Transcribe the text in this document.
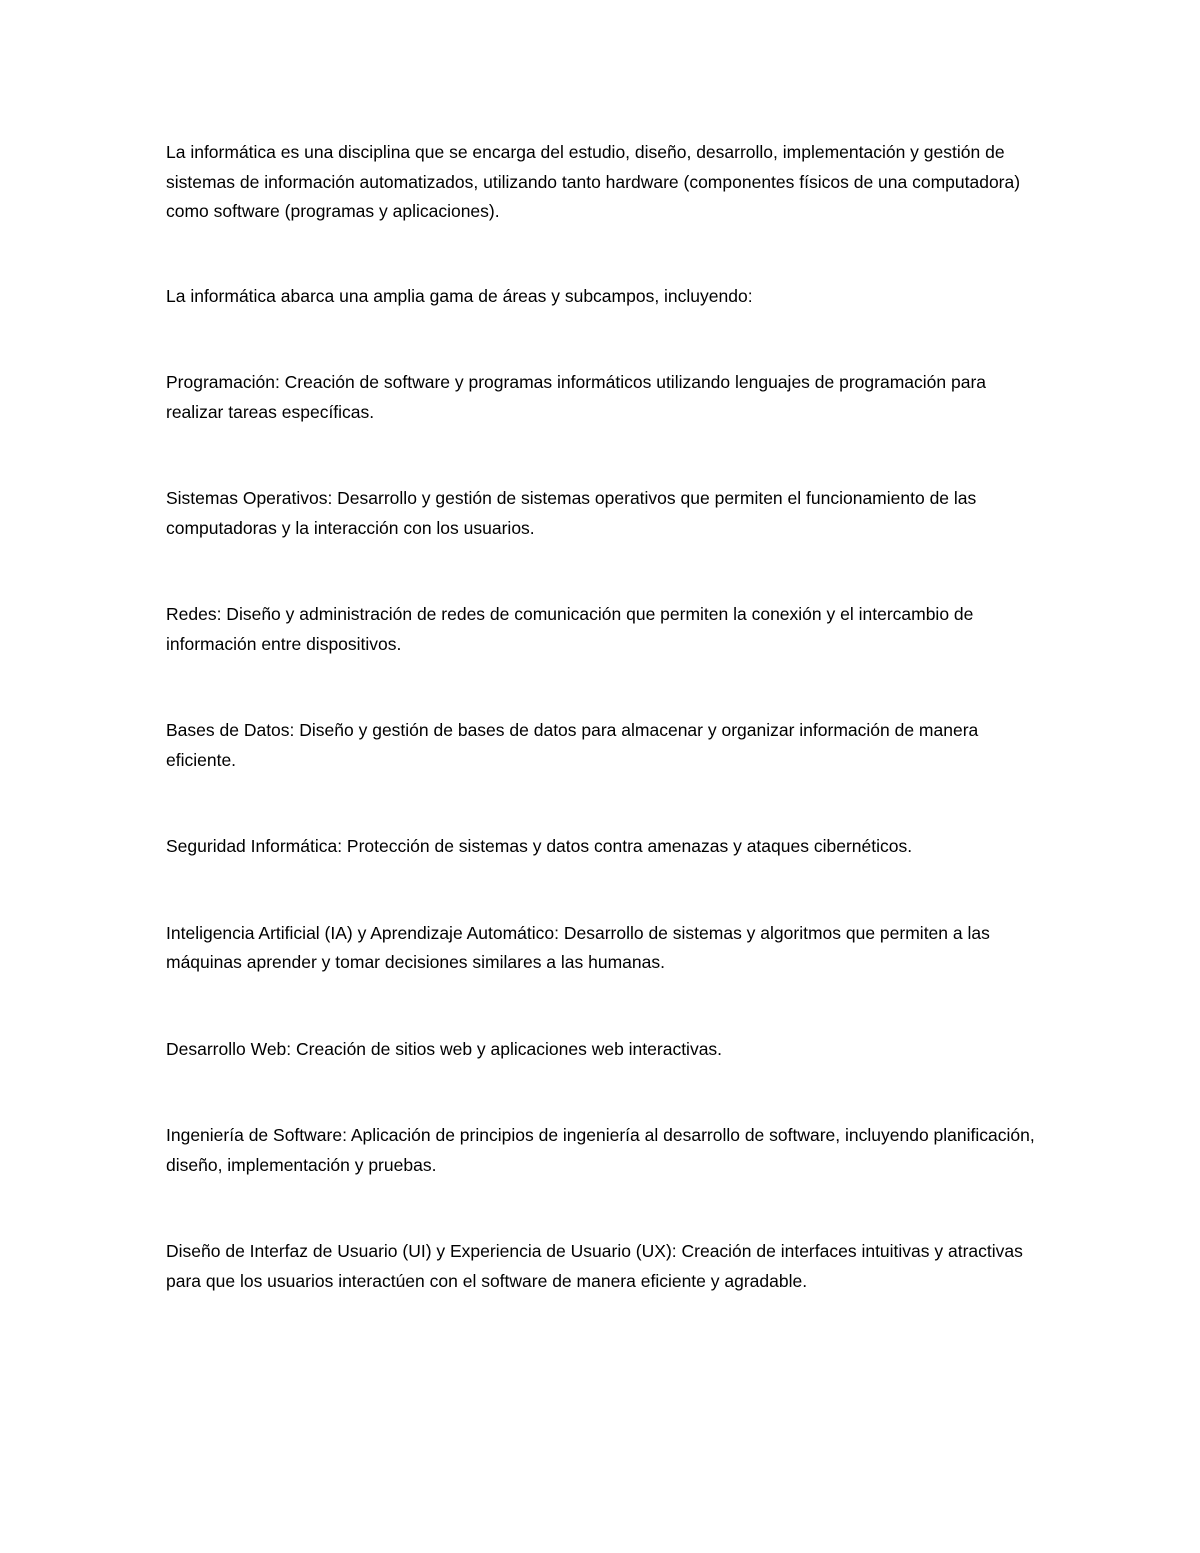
La informática es una disciplina que se encarga del estudio, diseño, desarrollo, implementación y gestión de sistemas de información automatizados, utilizando tanto hardware (componentes físicos de una computadora) como software (programas y aplicaciones).

La informática abarca una amplia gama de áreas y subcampos, incluyendo:

Programación: Creación de software y programas informáticos utilizando lenguajes de programación para realizar tareas específicas.

Sistemas Operativos: Desarrollo y gestión de sistemas operativos que permiten el funcionamiento de las computadoras y la interacción con los usuarios.

Redes: Diseño y administración de redes de comunicación que permiten la conexión y el intercambio de información entre dispositivos.

Bases de Datos: Diseño y gestión de bases de datos para almacenar y organizar información de manera eficiente.

Seguridad Informática: Protección de sistemas y datos contra amenazas y ataques cibernéticos.

Inteligencia Artificial (IA) y Aprendizaje Automático: Desarrollo de sistemas y algoritmos que permiten a las máquinas aprender y tomar decisiones similares a las humanas.

Desarrollo Web: Creación de sitios web y aplicaciones web interactivas.

Ingeniería de Software: Aplicación de principios de ingeniería al desarrollo de software, incluyendo planificación, diseño, implementación y pruebas.

Diseño de Interfaz de Usuario (UI) y Experiencia de Usuario (UX): Creación de interfaces intuitivas y atractivas para que los usuarios interactúen con el software de manera eficiente y agradable.
